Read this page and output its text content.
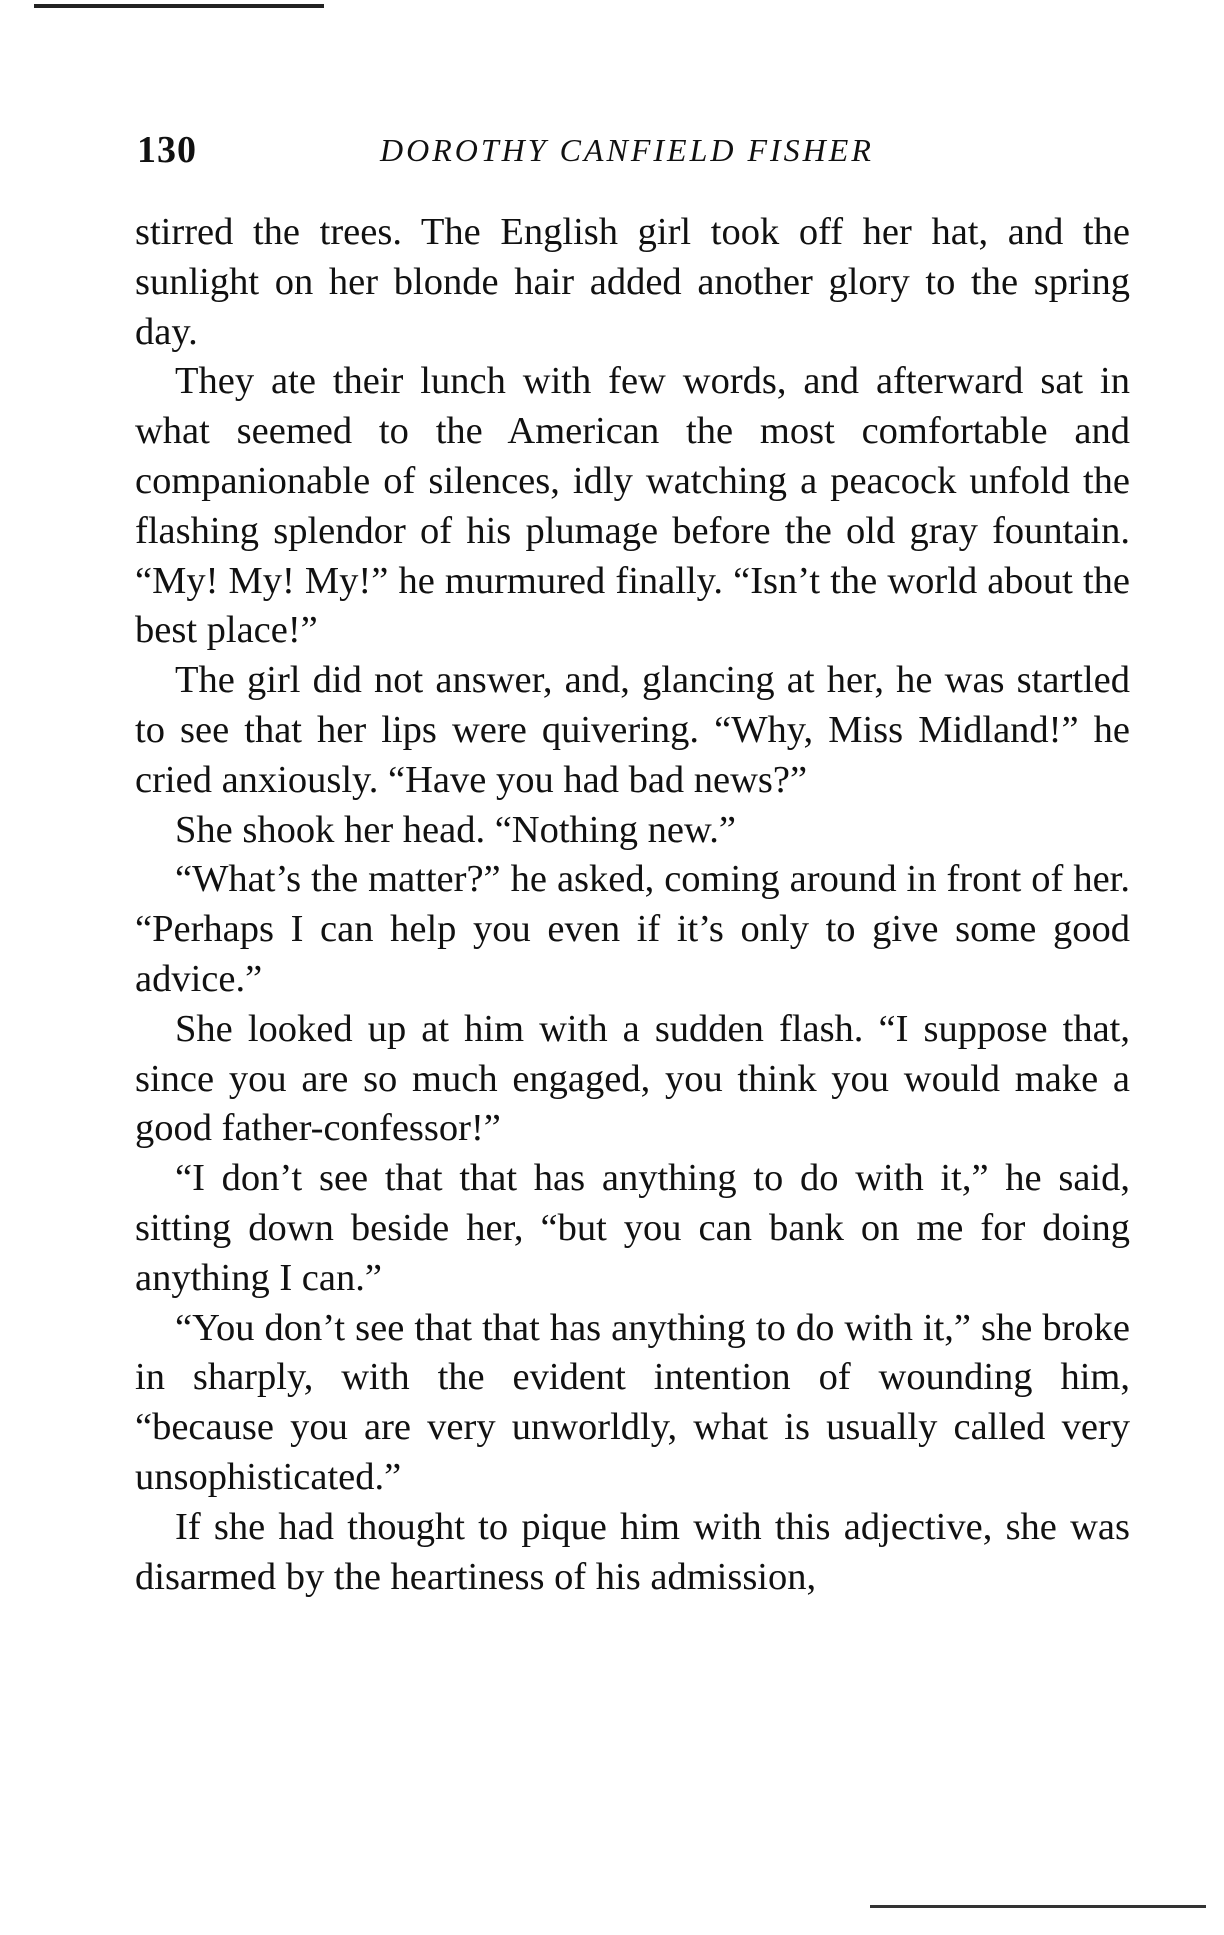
130	DOROTHY CANFIELD FISHER

stirred the trees. The English girl took off her hat, and the sunlight on her blonde hair added another glory to the spring day.

They ate their lunch with few words, and afterward sat in what seemed to the American the most comfortable and companionable of silences, idly watching a peacock unfold the flashing splendor of his plumage before the old gray fountain. “My! My! My!” he murmured finally. “Isn’t the world about the best place!”

The girl did not answer, and, glancing at her, he was startled to see that her lips were quivering. “Why, Miss Midland!” he cried anxiously. “Have you had bad news?”

She shook her head. “Nothing new.”

“What’s the matter?” he asked, coming around in front of her. “Perhaps I can help you even if it’s only to give some good advice.”

She looked up at him with a sudden flash. “I suppose that, since you are so much engaged, you think you would make a good father-confessor!”

“I don’t see that that has anything to do with it,” he said, sitting down beside her, “but you can bank on me for doing anything I can.”

“You don’t see that that has anything to do with it,” she broke in sharply, with the evident intention of wounding him, “because you are very unworldly, what is usually called very unsophisticated.”

If she had thought to pique him with this adjective, she was disarmed by the heartiness of his admission,
